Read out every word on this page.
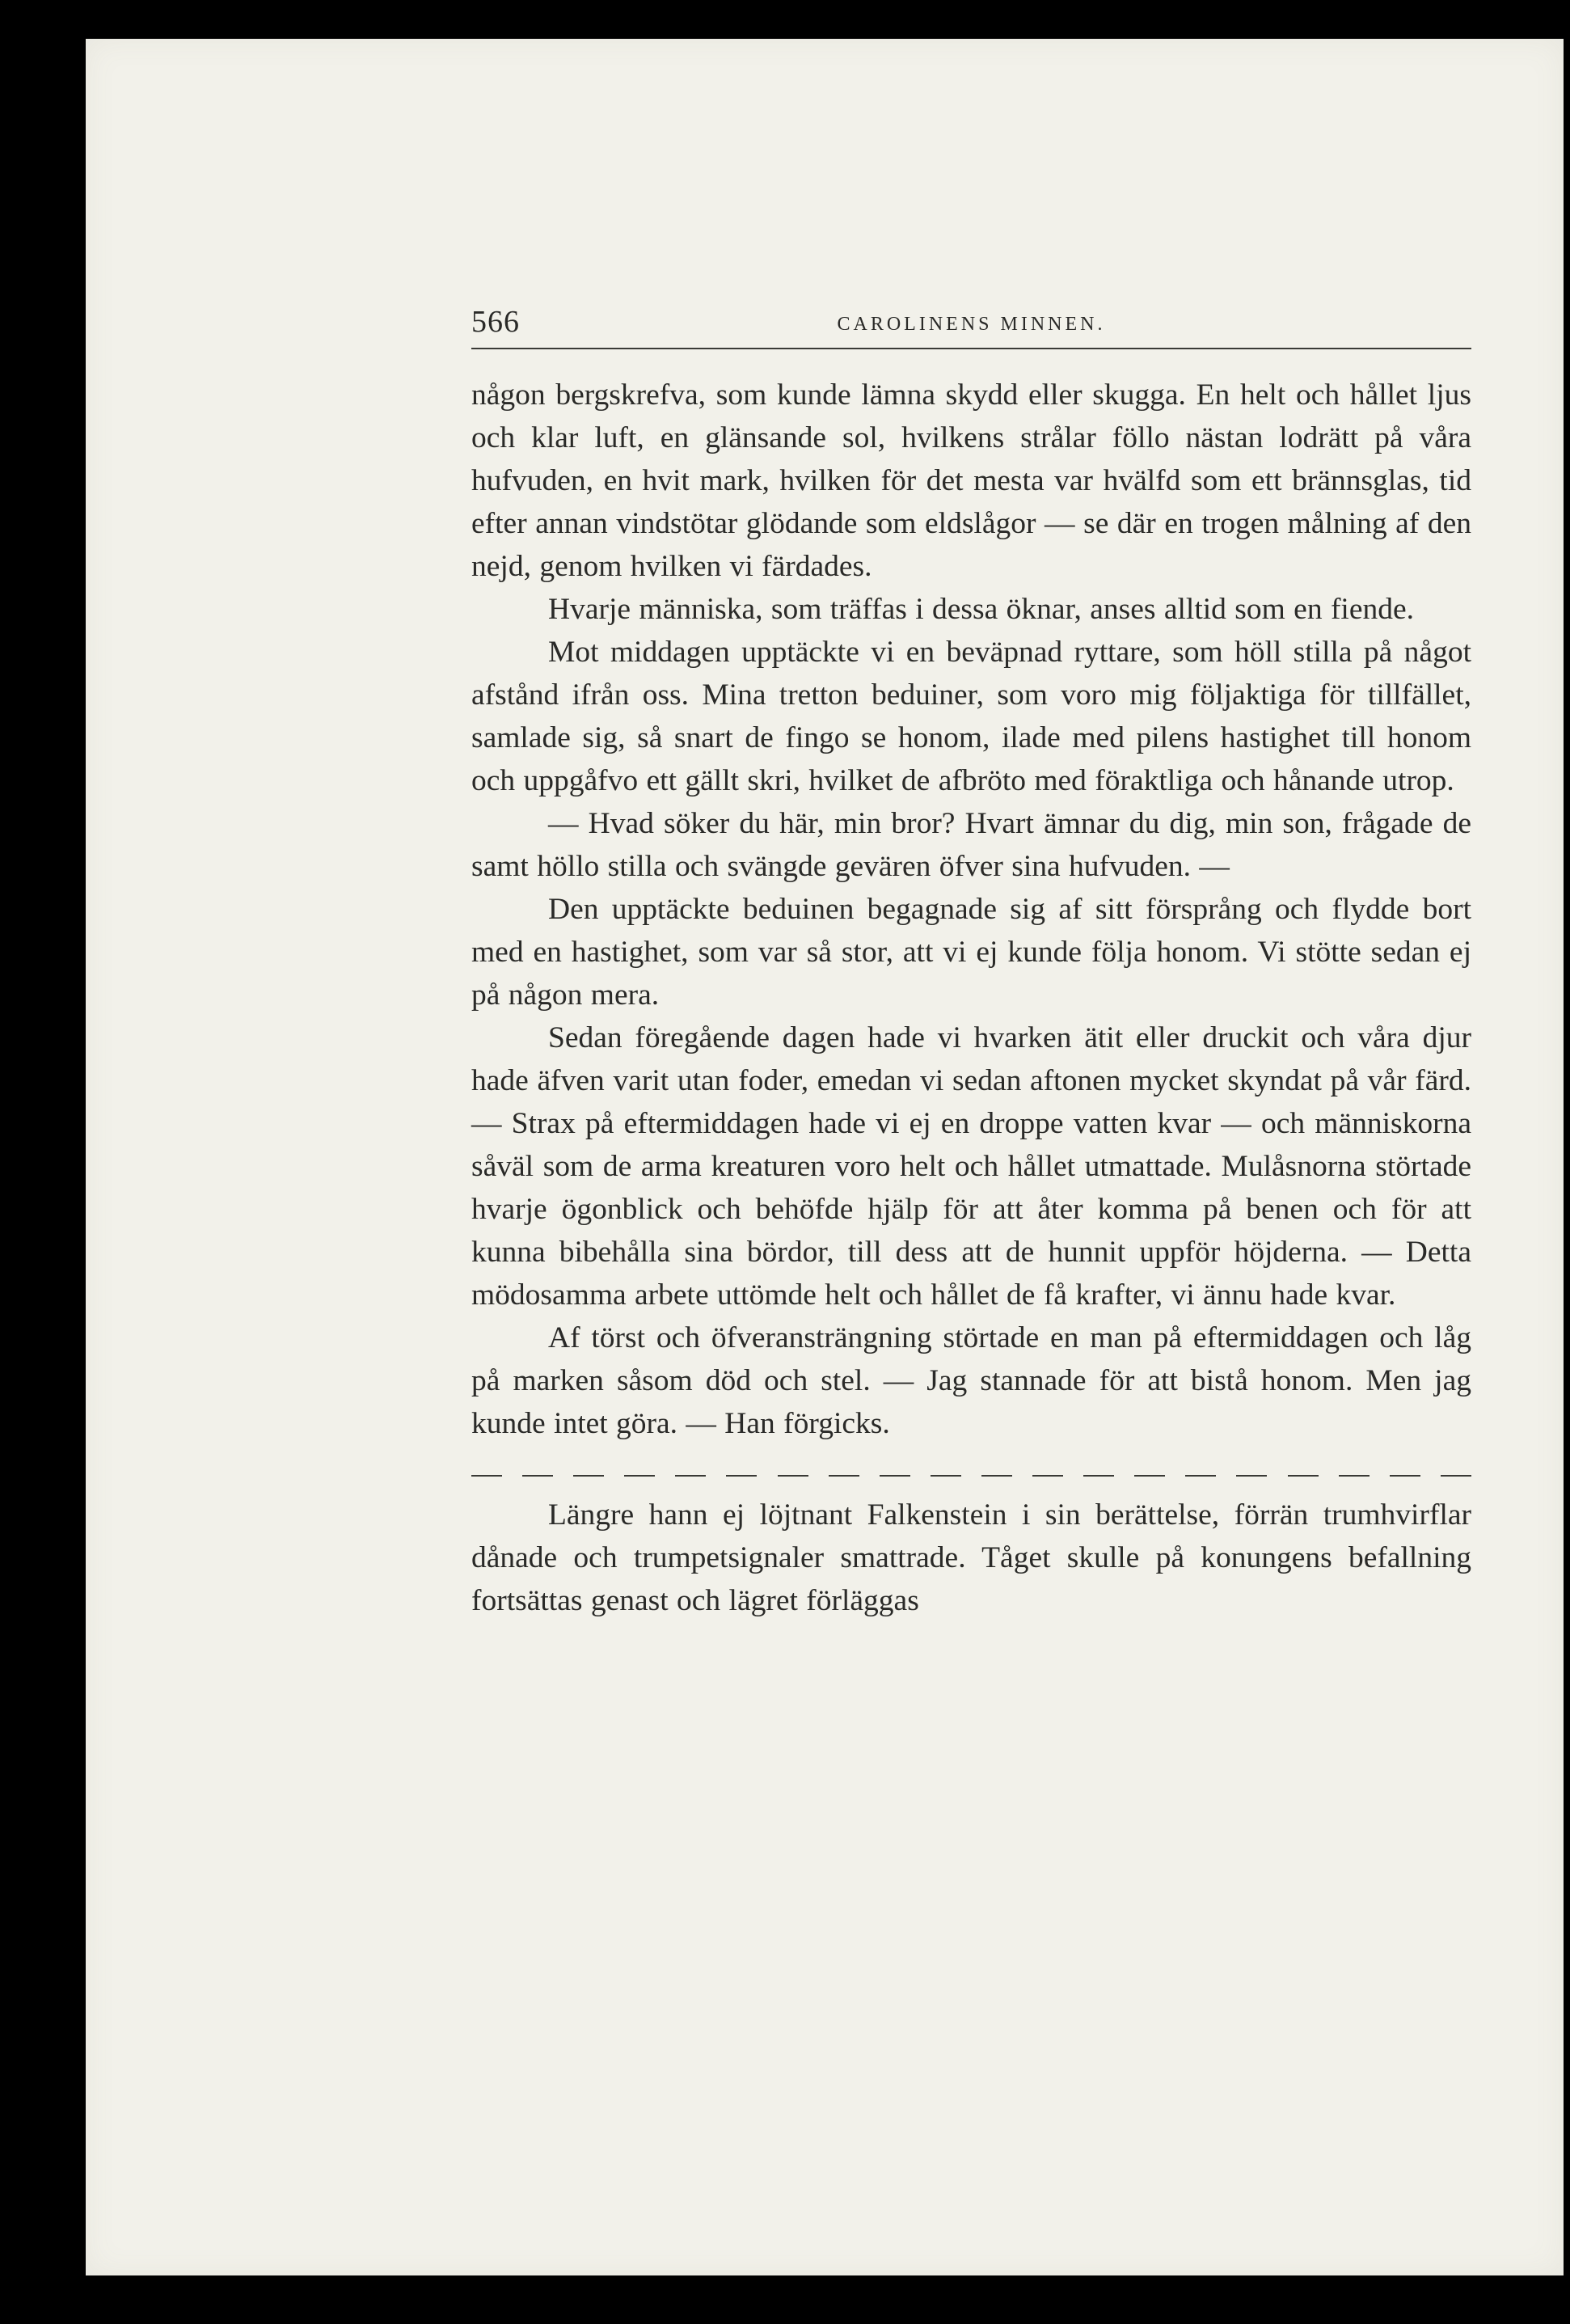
566	CAROLINENS MINNEN.

någon bergskrefva, som kunde lämna skydd eller skugga. En helt och hållet ljus och klar luft, en glänsande sol, hvilkens strålar föllo nästan lodrätt på våra hufvuden, en hvit mark, hvilken för det mesta var hvälfd som ett brännsglas, tid efter annan vindstötar glödande som eldslågor — se där en trogen målning af den nejd, genom hvilken vi färdades.

Hvarje människa, som träffas i dessa öknar, anses alltid som en fiende.

Mot middagen upptäckte vi en beväpnad ryttare, som höll stilla på något afstånd ifrån oss. Mina tretton beduiner, som voro mig följaktiga för tillfället, samlade sig, så snart de fingo se honom, ilade med pilens hastighet till honom och uppgåfvo ett gällt skri, hvilket de afbröto med föraktliga och hånande utrop.

— Hvad söker du här, min bror? Hvart ämnar du dig, min son, frågade de samt höllo stilla och svängde gevären öfver sina hufvuden. —

Den upptäckte beduinen begagnade sig af sitt försprång och flydde bort med en hastighet, som var så stor, att vi ej kunde följa honom. Vi stötte sedan ej på någon mera.

Sedan föregående dagen hade vi hvarken ätit eller druckit och våra djur hade äfven varit utan foder, emedan vi sedan aftonen mycket skyndat på vår färd. — Strax på eftermiddagen hade vi ej en droppe vatten kvar — och människorna såväl som de arma kreaturen voro helt och hållet utmattade. Mulåsnorna störtade hvarje ögonblick och behöfde hjälp för att åter komma på benen och för att kunna bibehålla sina bördor, till dess att de hunnit uppför höjderna. — Detta mödosamma arbete uttömde helt och hållet de få krafter, vi ännu hade kvar.

Af törst och öfveransträngning störtade en man på eftermiddagen och låg på marken såsom död och stel. — Jag stannade för att bistå honom. Men jag kunde intet göra. — Han förgicks.

Längre hann ej löjtnant Falkenstein i sin berättelse, förrän trumhvirflar dånade och trumpetsignaler smattrade. Tåget skulle på konungens befallning fortsättas genast och lägret förläggas
